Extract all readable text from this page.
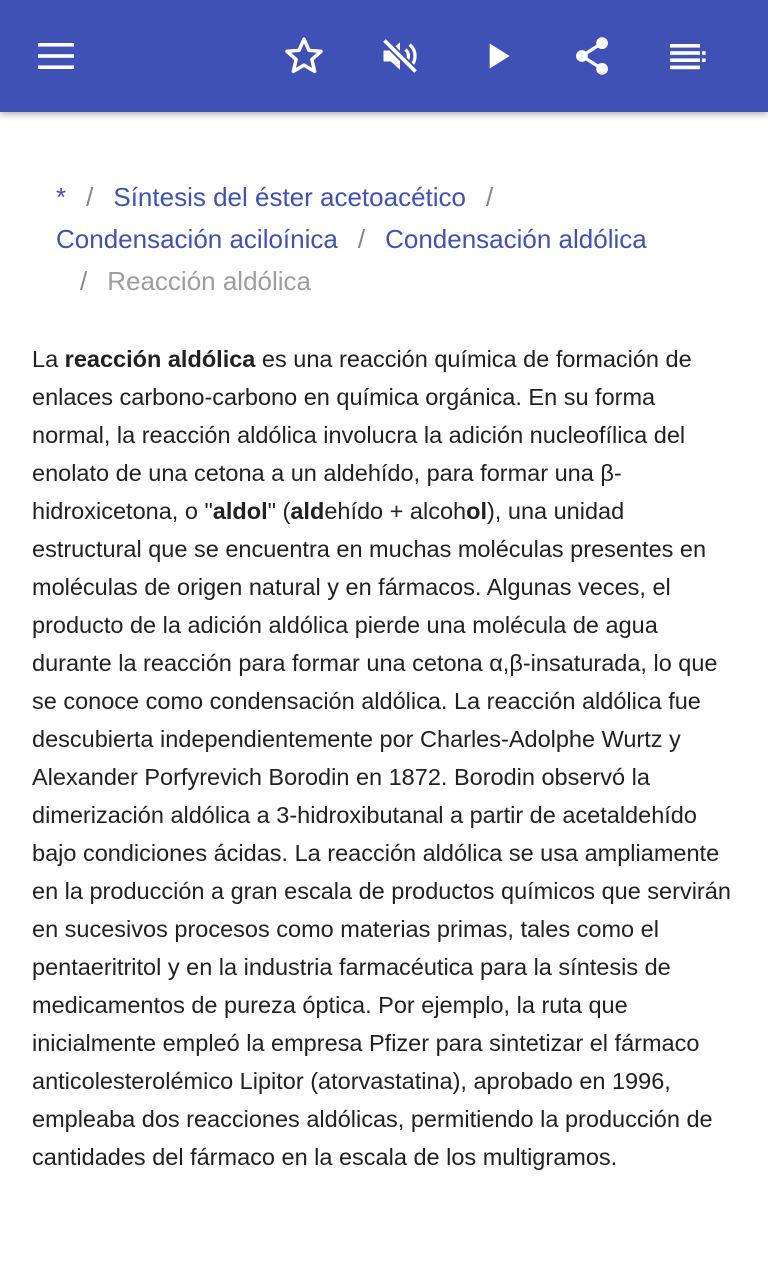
* / Síntesis del éster acetoacético /
Condensación aciloínica / Condensación aldólica
/ Reacción aldólica

La reacción aldólica es una reacción química de formación de enlaces carbono-carbono en química orgánica. En su forma normal, la reacción aldólica involucra la adición nucleofílica del enolato de una cetona a un aldehído, para formar una β-hidroxicetona, o "aldol" (aldehído + alcohol), una unidad estructural que se encuentra en muchas moléculas presentes en moléculas de origen natural y en fármacos. Algunas veces, el producto de la adición aldólica pierde una molécula de agua durante la reacción para formar una cetona α,β-insaturada, lo que se conoce como condensación aldólica. La reacción aldólica fue descubierta independientemente por Charles-Adolphe Wurtz y Alexander Porfyrevich Borodin en 1872. Borodin observó la dimerización aldólica a 3-hidroxibutanal a partir de acetaldehído bajo condiciones ácidas. La reacción aldólica se usa ampliamente en la producción a gran escala de productos químicos que servirán en sucesivos procesos como materias primas, tales como el pentaeritritol y en la industria farmacéutica para la síntesis de medicamentos de pureza óptica. Por ejemplo, la ruta que inicialmente empleó la empresa Pfizer para sintetizar el fármaco anticolesterolémico Lipitor (atorvastatina), aprobado en 1996, empleaba dos reacciones aldólicas, permitiendo la producción de cantidades del fármaco en la escala de los multigramos.
